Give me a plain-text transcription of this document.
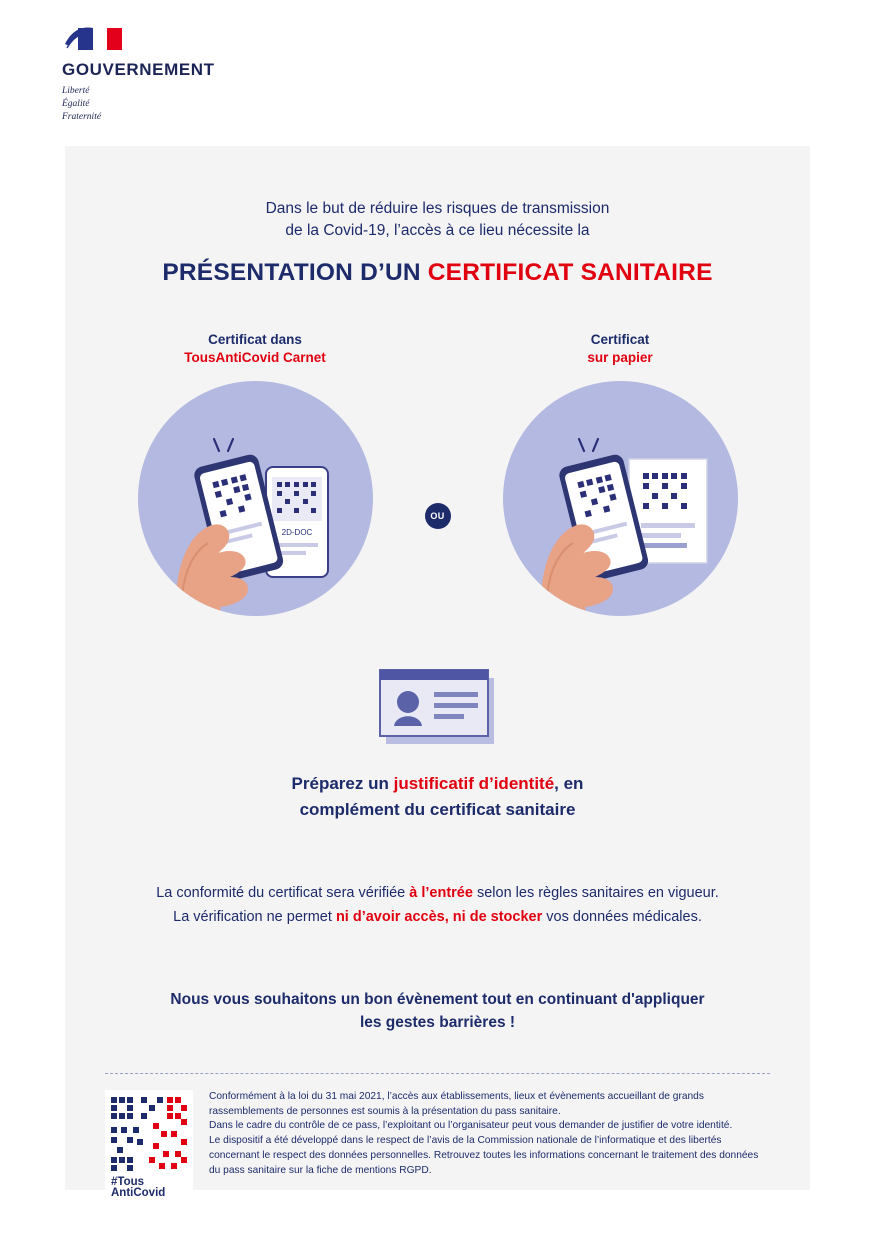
GOUVERNEMENT
Liberté
Égalité
Fraternité
Dans le but de réduire les risques de transmission
de la Covid-19, l’accès à ce lieu nécessite la
PRÉSENTATION D’UN CERTIFICAT SANITAIRE
Certificat dans
TousAntiCovid Carnet
2D-DOC
Certificat
sur papier
OU
Préparez un justificatif d’identité, en
complément du certificat sanitaire
La conformité du certificat sera vérifiée à l’entrée selon les règles sanitaires en vigueur.
La vérification ne permet ni d’avoir accès, ni de stocker vos données médicales.
Nous vous souhaitons un bon évènement tout en continuant d'appliquer
les gestes barrières !
#Tous
AntiCovid

Conformément à la loi du 31 mai 2021, l’accès aux établissements, lieux et évènements accueillant de grands rassemblements de personnes est soumis à la présentation du pass sanitaire.

Dans le cadre du contrôle de ce pass, l’exploitant ou l’organisateur peut vous demander de justifier de votre identité.

Le dispositif a été développé dans le respect de l’avis de la Commission nationale de l’informatique et des libertés concernant le respect des données personnelles. Retrouvez toutes les informations concernant le traitement des données du pass sanitaire sur la fiche de mentions RGPD.
